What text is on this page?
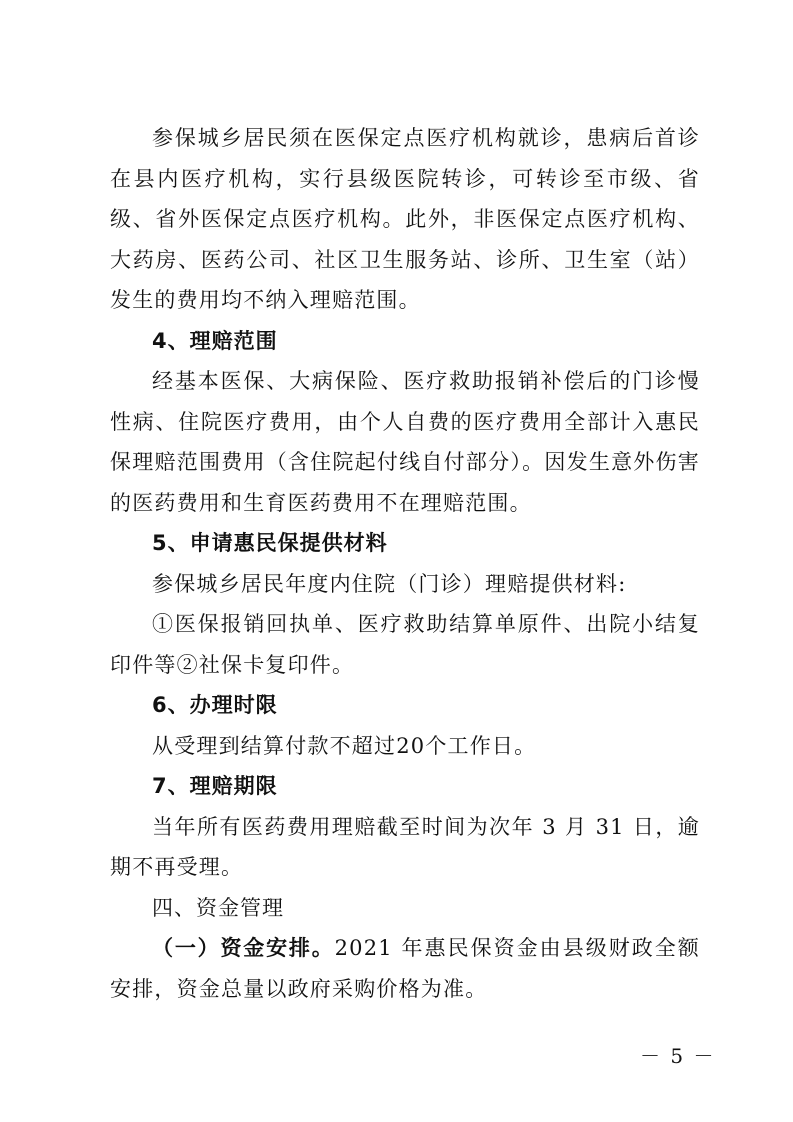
参保城乡居民须在医保定点医疗机构就诊，患病后首诊在县内医疗机构，实行县级医院转诊，可转诊至市级、省级、省外医保定点医疗机构。此外，非医保定点医疗机构、大药房、医药公司、社区卫生服务站、诊所、卫生室（站）发生的费用均不纳入理赔范围。

4、理赔范围

经基本医保、大病保险、医疗救助报销补偿后的门诊慢性病、住院医疗费用，由个人自费的医疗费用全部计入惠民保理赔范围费用（含住院起付线自付部分）。因发生意外伤害的医药费用和生育医药费用不在理赔范围。

5、申请惠民保提供材料

参保城乡居民年度内住院（门诊）理赔提供材料:

①医保报销回执单、医疗救助结算单原件、出院小结复印件等②社保卡复印件。

6、办理时限

从受理到结算付款不超过20个工作日。

7、理赔期限

当年所有医药费用理赔截至时间为次年 3 月 31 日，逾期不再受理。

四、资金管理

（一）资金安排。2021 年惠民保资金由县级财政全额安排，资金总量以政府采购价格为准。

－ 5 －
